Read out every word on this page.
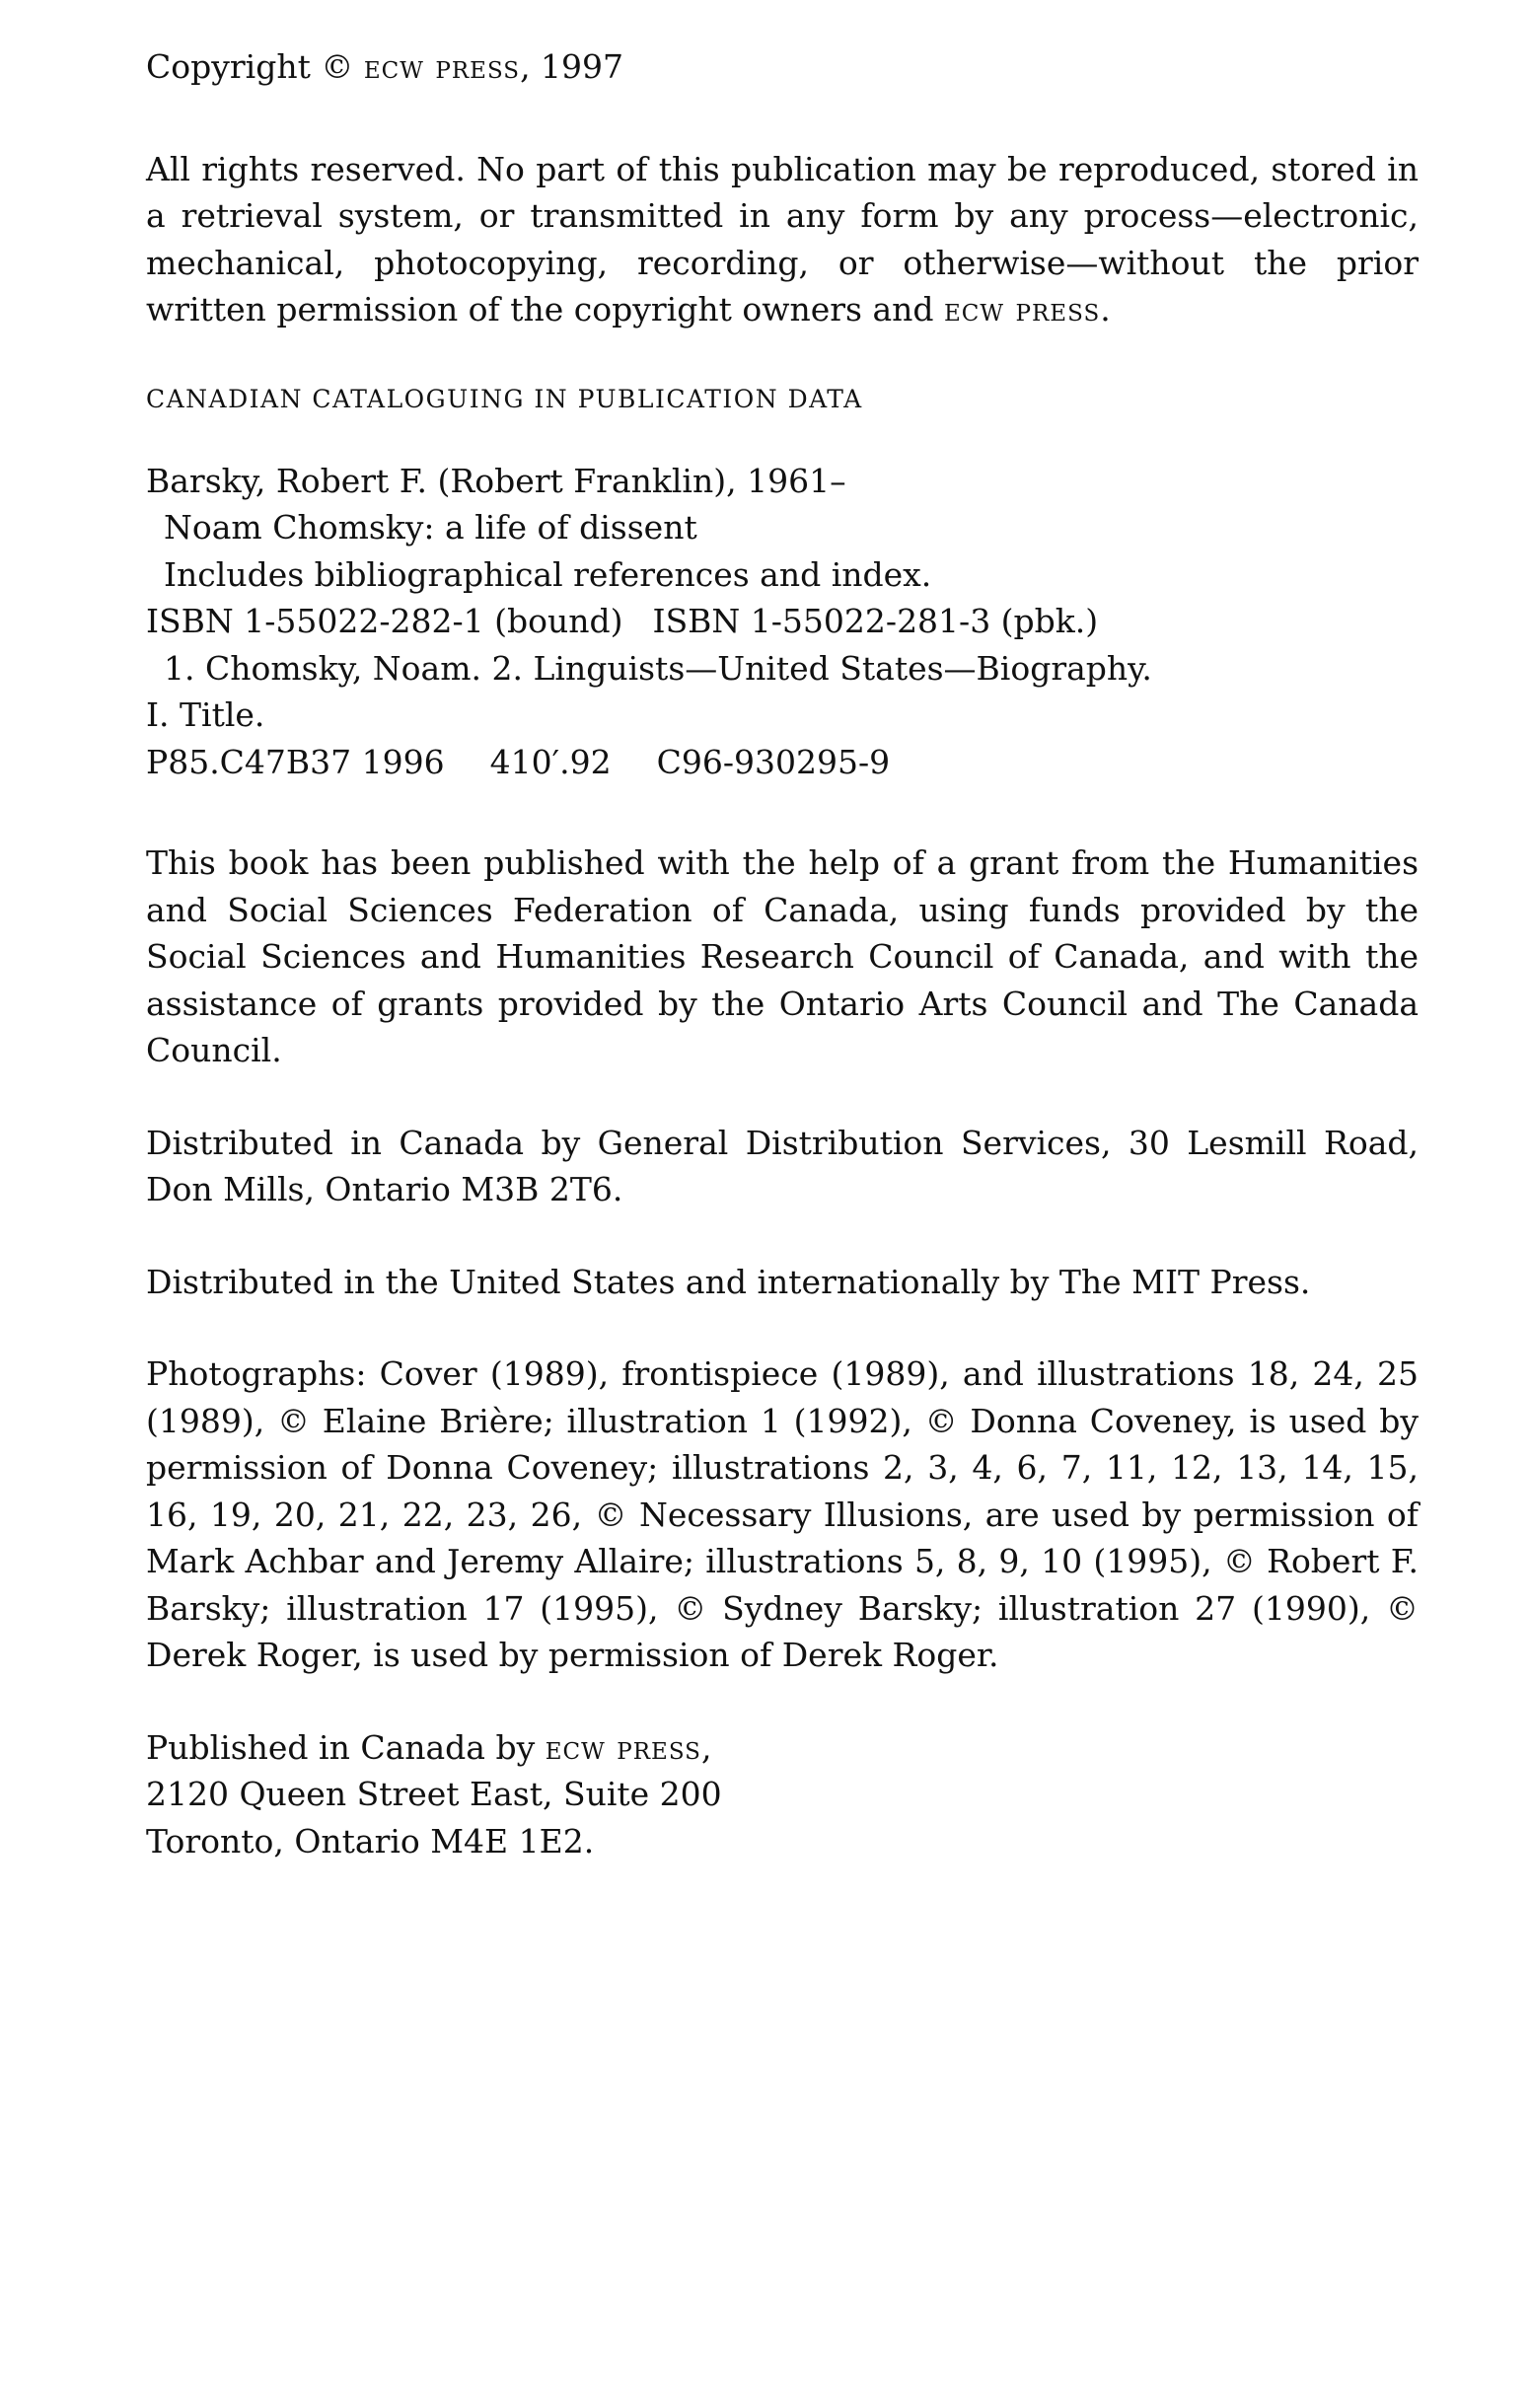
Copyright © ecw press, 1997

All rights reserved. No part of this publication may be reproduced, stored in a retrieval system, or transmitted in any form by any process—electronic, mechanical, photocopying, recording, or otherwise—without the prior written permission of the copyright owners and ecw press.

CANADIAN CATALOGUING IN PUBLICATION DATA

Barsky, Robert F. (Robert Franklin), 1961–
Noam Chomsky: a life of dissent
Includes bibliographical references and index.
ISBN 1-55022-282-1 (bound) ISBN 1-55022-281-3 (pbk.)
1. Chomsky, Noam. 2. Linguists—United States—Biography.
I. Title.
P85.C47B37 1996 410′.92 C96-930295-9

This book has been published with the help of a grant from the Humanities and Social Sciences Federation of Canada, using funds provided by the Social Sciences and Humanities Research Council of Canada, and with the assistance of grants provided by the Ontario Arts Council and The Canada Council.

Distributed in Canada by General Distribution Services, 30 Lesmill Road, Don Mills, Ontario M3B 2T6.

Distributed in the United States and internationally by The MIT Press.

Photographs: Cover (1989), frontispiece (1989), and illustrations 18, 24, 25 (1989), © Elaine Brière; illustration 1 (1992), © Donna Coveney, is used by permission of Donna Coveney; illustrations 2, 3, 4, 6, 7, 11, 12, 13, 14, 15, 16, 19, 20, 21, 22, 23, 26, © Necessary Illusions, are used by permission of Mark Achbar and Jeremy Allaire; illustrations 5, 8, 9, 10 (1995), © Robert F. Barsky; illustration 17 (1995), © Sydney Barsky; illustration 27 (1990), © Derek Roger, is used by permission of Derek Roger.

Published in Canada by ecw press,
2120 Queen Street East, Suite 200
Toronto, Ontario M4E 1E2.
